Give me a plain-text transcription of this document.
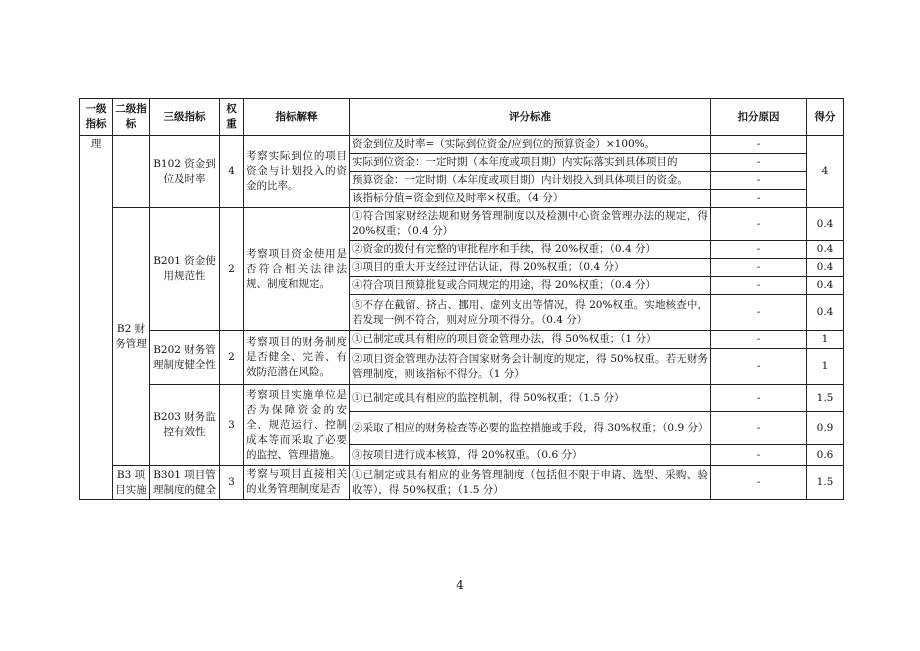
一级指标	二级指标	三级指标	权重	指标解释	评分标准	扣分原因	得分
理		B102 资金到位及时率	4	考察实际到位的项目资金与计划投入的资金的比率。	资金到位及时率=（实际到位资金/应到位的预算资金）×100%。	-	4
					实际到位资金：一定时期（本年度或项目期）内实际落实到具体项目的	-	
					预算资金：一定时期（本年度或项目期）内计划投入到具体项目的资金。	-	
					该指标分值=资金到位及时率×权重。（4 分）	-	
	B2 财务管理	B201 资金使用规范性	2	考察项目资金使用是否符合相关法律法规、制度和规定。	①符合国家财经法规和财务管理制度以及检测中心资金管理办法的规定，得 20%权重；（0.4 分）	-	0.4
					②资金的拨付有完整的审批程序和手续，得 20%权重；（0.4 分）	-	0.4
					③项目的重大开支经过评估认证，得 20%权重；（0.4 分）	-	0.4
					④符合项目预算批复或合同规定的用途，得 20%权重；（0.4 分）	-	0.4
					⑤不存在截留、挤占、挪用、虚列支出等情况，得 20%权重。实地核查中，若发现一例不符合，则对应分项不得分。（0.4 分）	-	0.4
		B202 财务管理制度健全性	2	考察项目的财务制度是否健全、完善、有效防范潜在风险。	①已制定或具有相应的项目资金管理办法，得 50%权重；（1 分）	-	1
					②项目资金管理办法符合国家财务会计制度的规定，得 50%权重。若无财务管理制度，则该指标不得分。（1 分）	-	1
		B203 财务监控有效性	3	考察项目实施单位是否为保障资金的安全、规范运行、控制成本等而采取了必要的监控、管理措施。	①已制定或具有相应的监控机制，得 50%权重；（1.5 分）	-	1.5
					②采取了相应的财务检查等必要的监控措施或手段，得 30%权重；（0.9 分）	-	0.9
					③按项目进行成本核算，得 20%权重。（0.6 分）	-	0.6
	B3 项目实施	B301 项目管理制度的健全	3	考察与项目直接相关的业务管理制度是否	①已制定或具有相应的业务管理制度（包括但不限于申请、选型、采购、验收等），得 50%权重；（1.5 分）	-	1.5
4
